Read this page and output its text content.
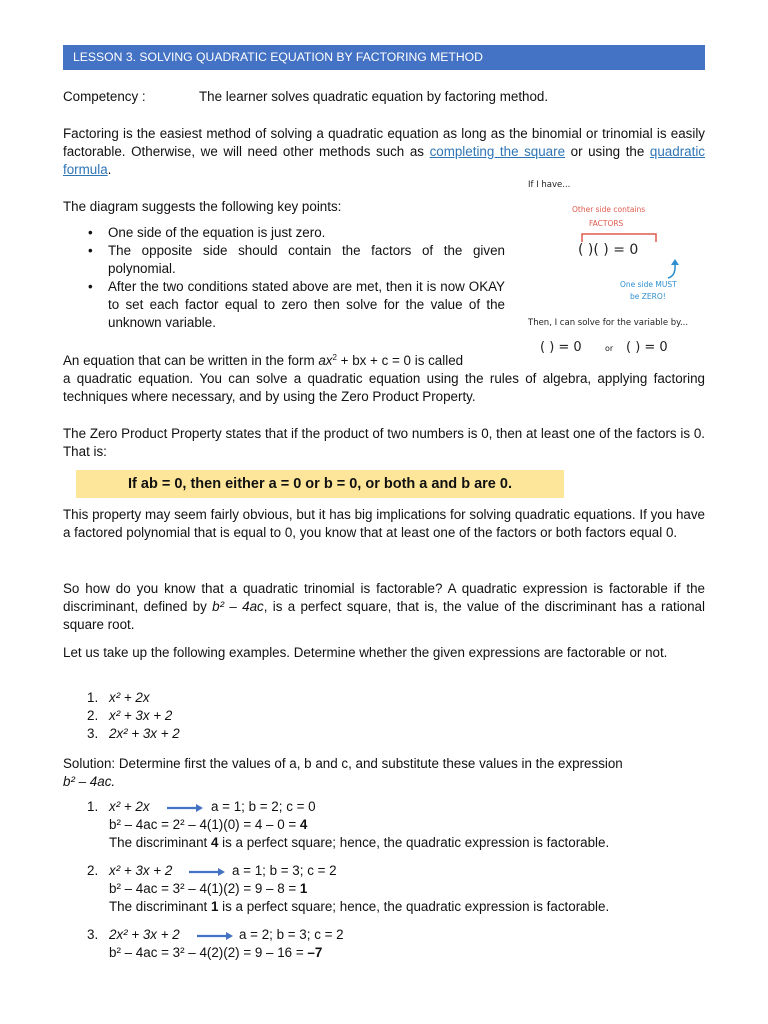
LESSON 3. SOLVING QUADRATIC EQUATION BY FACTORING METHOD
Competency :	The learner solves quadratic equation by factoring method.
Factoring is the easiest method of solving a quadratic equation as long as the binomial or trinomial is easily factorable. Otherwise, we will need other methods such as completing the square or using the quadratic formula.
The diagram suggests the following key points:
• One side of the equation is just zero.
• The opposite side should contain the factors of the given polynomial.
• After the two conditions stated above are met, then it is now OKAY to set each factor equal to zero then solve for the value of the unknown variable.
An equation that can be written in the form $ax^2$ + bx + c = 0 is called
a quadratic equation. You can solve a quadratic equation using the rules of algebra, applying factoring techniques where necessary, and by using the Zero Product Property.
The Zero Product Property states that if the product of two numbers is 0, then at least one of the factors is 0. That is:
This property may seem fairly obvious, but it has big implications for solving quadratic equations. If you have a factored polynomial that is equal to 0, you know that at least one of the factors or both factors equal 0.
So how do you know that a quadratic trinomial is factorable? A quadratic expression is factorable if the discriminant, defined by b² – 4ac, is a perfect square, that is, the value of the discriminant has a rational square root.
Let us take up the following examples. Determine whether the given expressions are factorable or not.
1. x² + 2x
2. x² + 3x + 2
3. 2x² + 3x + 2
Solution: Determine first the values of a, b and c, and substitute these values in the expression
b² – 4ac.
1. x² + 2x	a = 1; b = 2; c = 0
b² – 4ac = 2² – 4(1)(0) = 4 – 0 = 4
The discriminant 4 is a perfect square; hence, the quadratic expression is factorable.
2. x² + 3x + 2	a = 1; b = 3; c = 2
b² – 4ac = 3² – 4(1)(2) = 9 – 8 = 1
The discriminant 1 is a perfect square; hence, the quadratic expression is factorable.
3. 2x² + 3x + 2	a = 2; b = 3; c = 2
b² – 4ac = 3² – 4(2)(2) = 9 – 16 = –7
If ab = 0, then either a = 0 or b = 0, or both a and b are 0.
If I have...
Other side contains
FACTORS
( )( ) = 0
One side MUST
be ZERO!
Then, I can solve for the variable by...
( ) = 0	or ( ) = 0
